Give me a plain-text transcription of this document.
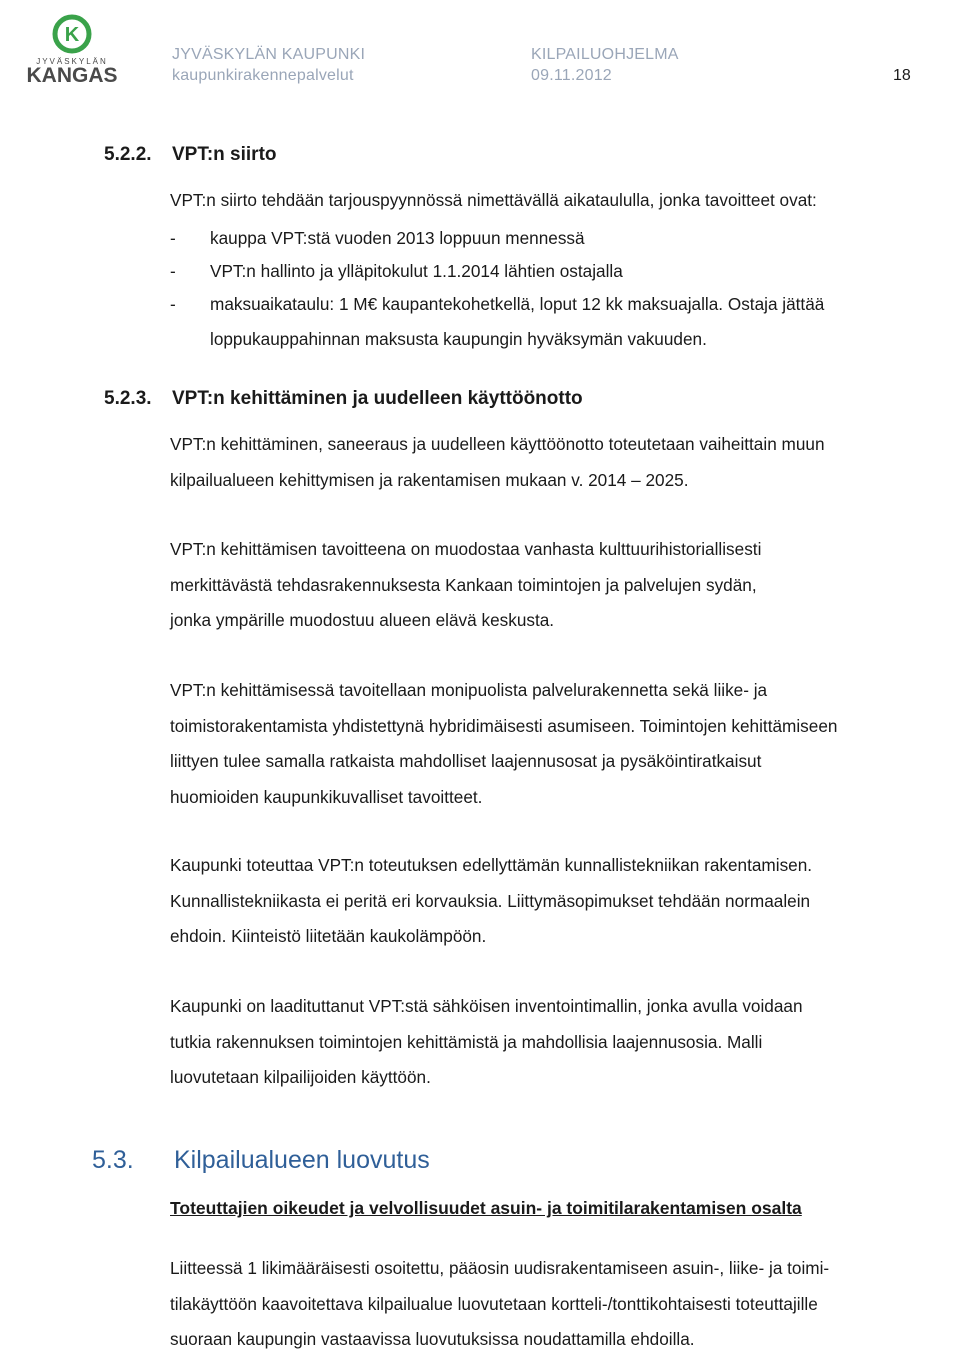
K
JYVÄSKYLÄN
KANGAS
JYVÄSKYLÄN KAUPUNKI
kaupunkirakennepalvelut
KILPAILUOHJELMA
09.11.2012	18
5.2.2. VPT:n siirto
VPT:n siirto tehdään tarjouspyynnössä nimettävällä aikataululla, jonka tavoitteet ovat:
-	kauppa VPT:stä vuoden 2013 loppuun mennessä
-	VPT:n hallinto ja ylläpitokulut 1.1.2014 lähtien ostajalla
-	maksuaikataulu: 1 M€ kaupantekohetkellä, loput 12 kk maksuajalla. Ostaja jättää
loppukauppahinnan maksusta kaupungin hyväksymän vakuuden.
5.2.3. VPT:n kehittäminen ja uudelleen käyttöönotto
VPT:n kehittäminen, saneeraus ja uudelleen käyttöönotto toteutetaan vaiheittain muun
kilpailualueen kehittymisen ja rakentamisen mukaan v. 2014 – 2025.
VPT:n kehittämisen tavoitteena on muodostaa vanhasta kulttuurihistoriallisesti
merkittävästä tehdasrakennuksesta Kankaan toimintojen ja palvelujen sydän,
jonka ympärille muodostuu alueen elävä keskusta.
VPT:n kehittämisessä tavoitellaan monipuolista palvelurakennetta sekä liike- ja
toimistorakentamista yhdistettynä hybridimäisesti asumiseen. Toimintojen kehittämiseen
liittyen tulee samalla ratkaista mahdolliset laajennusosat ja pysäköintiratkaisut
huomioiden kaupunkikuvalliset tavoitteet.
Kaupunki toteuttaa VPT:n toteutuksen edellyttämän kunnallistekniikan rakentamisen.
Kunnallistekniikasta ei peritä eri korvauksia. Liittymäsopimukset tehdään normaalein
ehdoin. Kiinteistö liitetään kaukolämpöön.
Kaupunki on laadituttanut VPT:stä sähköisen inventointimallin, jonka avulla voidaan
tutkia rakennuksen toimintojen kehittämistä ja mahdollisia laajennusosia. Malli
luovutetaan kilpailijoiden käyttöön.
5.3. Kilpailualueen luovutus
Toteuttajien oikeudet ja velvollisuudet asuin- ja toimitilarakentamisen osalta
Liitteessä 1 likimääräisesti osoitettu, pääosin uudisrakentamiseen asuin-, liike- ja toimi-
tilakäyttöön kaavoitettava kilpailualue luovutetaan kortteli-/tonttikohtaisesti toteuttajille
suoraan kaupungin vastaavissa luovutuksissa noudattamilla ehdoilla.
